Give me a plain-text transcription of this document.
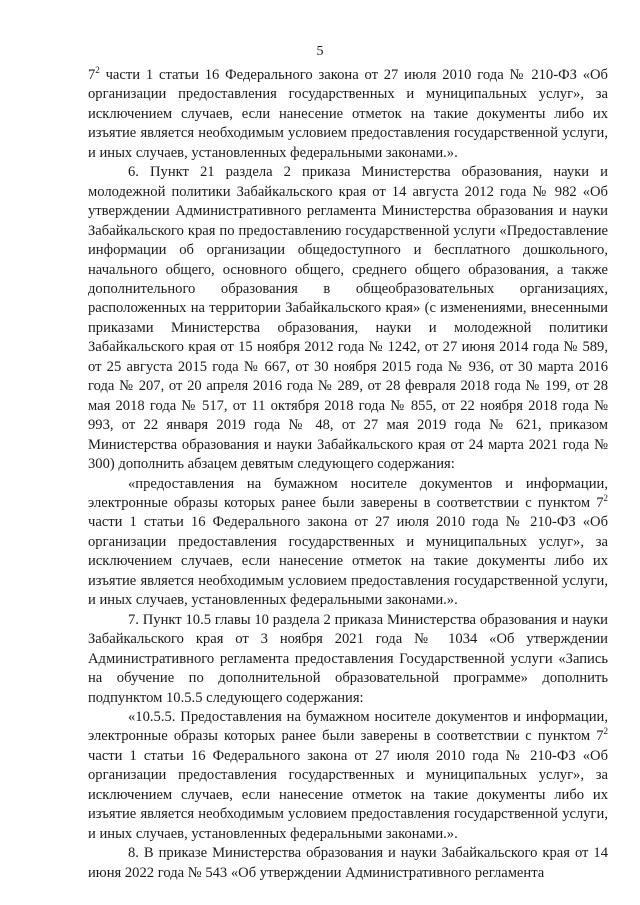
5

$7^2$ части 1 статьи 16 Федерального закона от 27 июля 2010 года № 210-ФЗ «Об организации предоставления государственных и муниципальных услуг», за исключением случаев, если нанесение отметок на такие документы либо их изъятие является необходимым условием предоставления государственной услуги, и иных случаев, установленных федеральными законами.».

6. Пункт 21 раздела 2 приказа Министерства образования, науки и молодежной политики Забайкальского края от 14 августа 2012 года № 982 «Об утверждении Административного регламента Министерства образования и науки Забайкальского края по предоставлению государственной услуги «Предоставление информации об организации общедоступного и бесплатного дошкольного, начального общего, основного общего, среднего общего образования, а также дополнительного образования в общеобразовательных организациях, расположенных на территории Забайкальского края» (с изменениями, внесенными приказами Министерства образования, науки и молодежной политики Забайкальского края от 15 ноября 2012 года № 1242, от 27 июня 2014 года № 589, от 25 августа 2015 года № 667, от 30 ноября 2015 года № 936, от 30 марта 2016 года № 207, от 20 апреля 2016 года № 289, от 28 февраля 2018 года № 199, от 28 мая 2018 года № 517, от 11 октября 2018 года № 855, от 22 ноября 2018 года № 993, от 22 января 2019 года № 48, от 27 мая 2019 года № 621, приказом Министерства образования и науки Забайкальского края от 24 марта 2021 года № 300) дополнить абзацем девятым следующего содержания:

«предоставления на бумажном носителе документов и информации, электронные образы которых ранее были заверены в соответствии с пунктом $7^2$ части 1 статьи 16 Федерального закона от 27 июля 2010 года № 210-ФЗ «Об организации предоставления государственных и муниципальных услуг», за исключением случаев, если нанесение отметок на такие документы либо их изъятие является необходимым условием предоставления государственной услуги, и иных случаев, установленных федеральными законами.».

7. Пункт 10.5 главы 10 раздела 2 приказа Министерства образования и науки Забайкальского края от 3 ноября 2021 года № 1034 «Об утверждении Административного регламента предоставления Государственной услуги «Запись на обучение по дополнительной образовательной программе» дополнить подпунктом 10.5.5 следующего содержания:

«10.5.5. Предоставления на бумажном носителе документов и информации, электронные образы которых ранее были заверены в соответствии с пунктом $7^2$ части 1 статьи 16 Федерального закона от 27 июля 2010 года № 210-ФЗ «Об организации предоставления государственных и муниципальных услуг», за исключением случаев, если нанесение отметок на такие документы либо их изъятие является необходимым условием предоставления государственной услуги, и иных случаев, установленных федеральными законами.».

8. В приказе Министерства образования и науки Забайкальского края от 14 июня 2022 года № 543 «Об утверждении Административного регламента
